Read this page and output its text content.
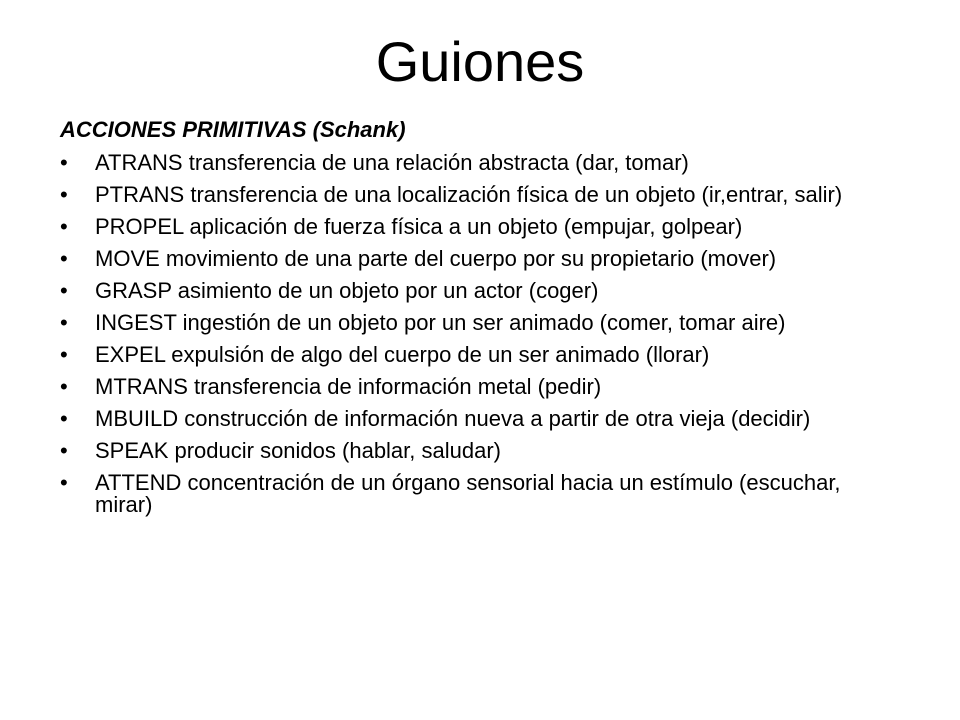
Guiones
ACCIONES PRIMITIVAS (Schank)
• ATRANS transferencia de una relación abstracta (dar, tomar)
• PTRANS transferencia de una localización física de un objeto (ir,entrar, salir)
• PROPEL aplicación de fuerza física a un objeto (empujar, golpear)
• MOVE movimiento de una parte del cuerpo por su propietario (mover)
• GRASP asimiento de un objeto por un actor (coger)
• INGEST ingestión de un objeto por un ser animado (comer, tomar aire)
• EXPEL expulsión de algo del cuerpo de un ser animado (llorar)
• MTRANS transferencia de información metal (pedir)
• MBUILD construcción de información nueva a partir de otra vieja (decidir)
• SPEAK producir sonidos (hablar, saludar)
• ATTEND concentración de un órgano sensorial hacia un estímulo (escuchar, mirar)
